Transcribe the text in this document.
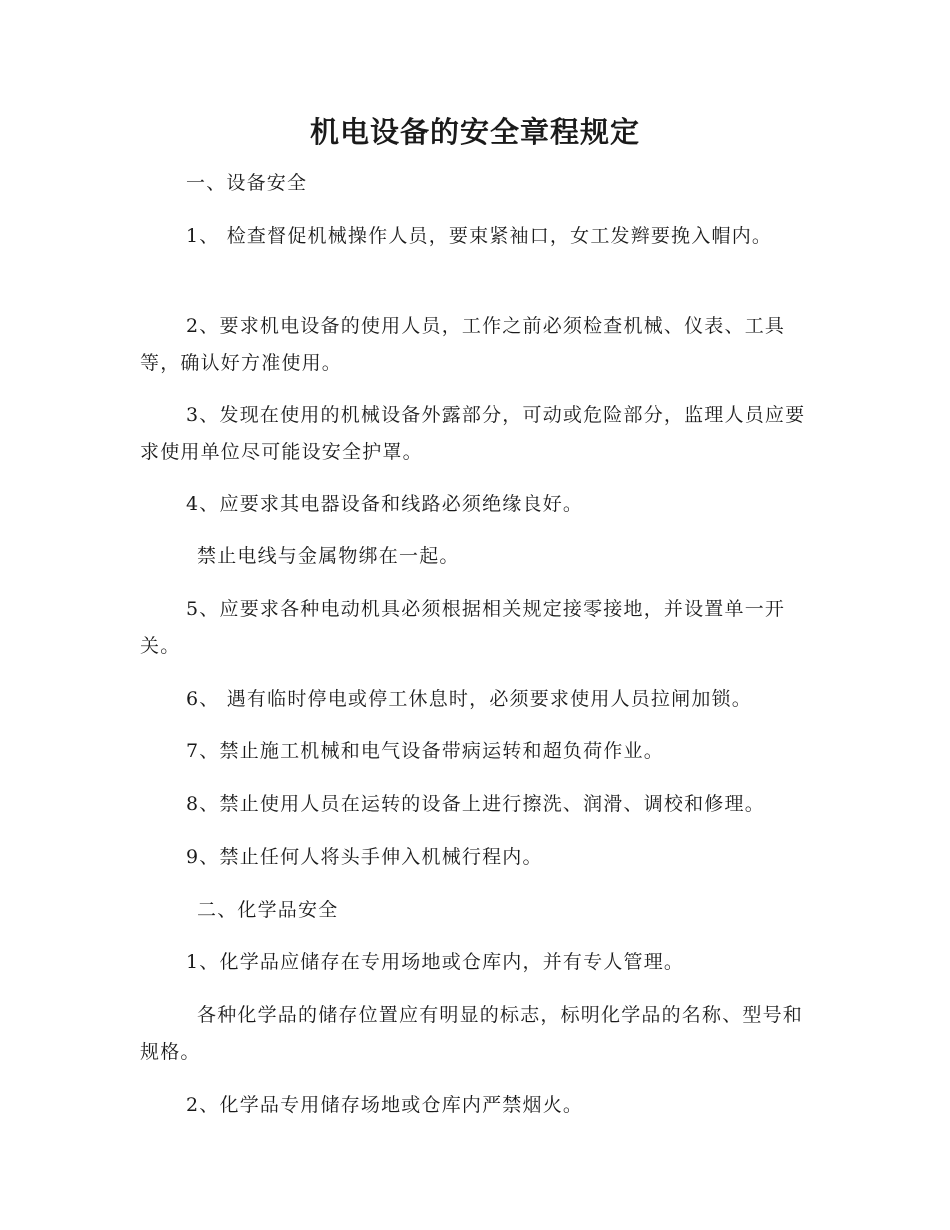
机电设备的安全章程规定

一、设备安全

1、 检查督促机械操作人员，要束紧袖口，女工发辫要挽入帽内。

2、要求机电设备的使用人员，工作之前必须检查机械、仪表、工具等，确认好方准使用。

3、发现在使用的机械设备外露部分，可动或危险部分，监理人员应要求使用单位尽可能设安全护罩。

4、应要求其电器设备和线路必须绝缘良好。

禁止电线与金属物绑在一起。

5、应要求各种电动机具必须根据相关规定接零接地，并设置单一开关。

6、 遇有临时停电或停工休息时，必须要求使用人员拉闸加锁。

7、禁止施工机械和电气设备带病运转和超负荷作业。

8、禁止使用人员在运转的设备上进行擦洗、润滑、调校和修理。

9、禁止任何人将头手伸入机械行程内。

二、化学品安全

1、化学品应储存在专用场地或仓库内，并有专人管理。

各种化学品的储存位置应有明显的标志，标明化学品的名称、型号和规格。

2、化学品专用储存场地或仓库内严禁烟火。
